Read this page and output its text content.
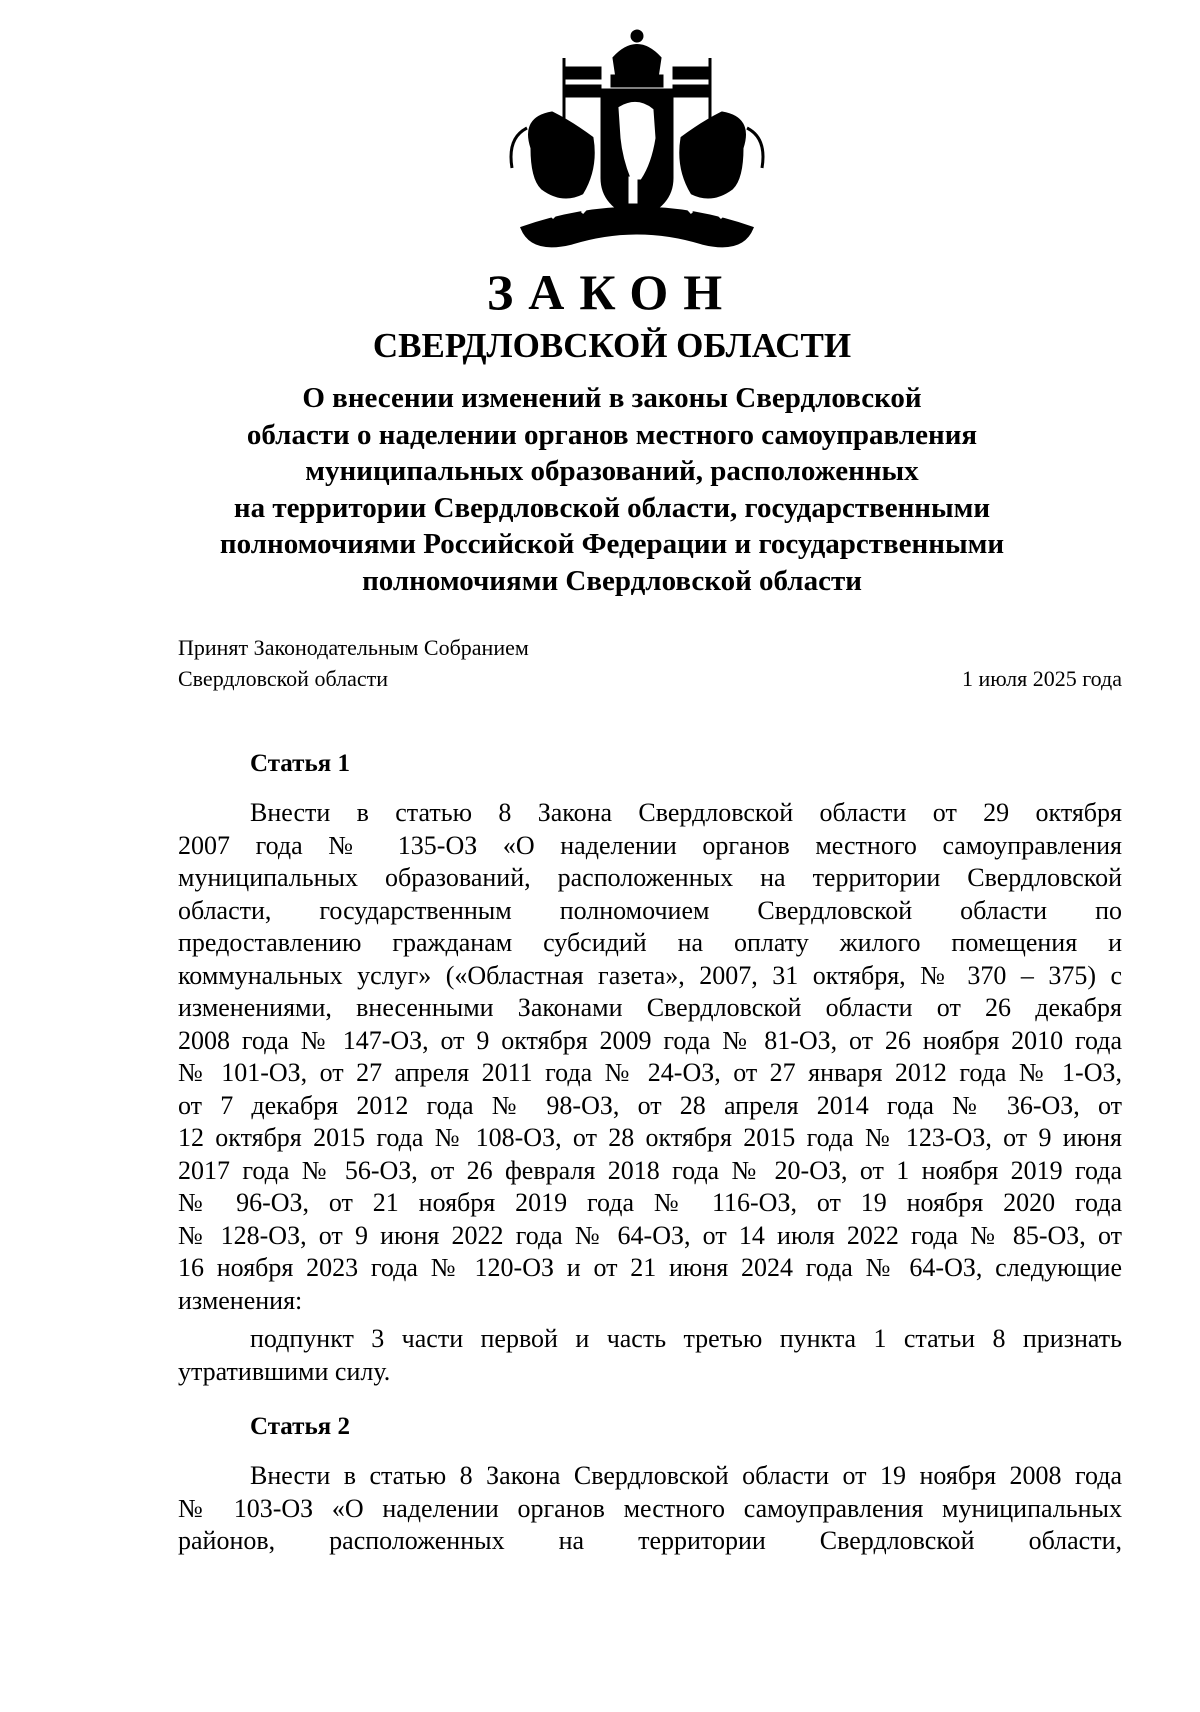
ЗАКОН
СВЕРДЛОВСКОЙ ОБЛАСТИ
О внесении изменений в законы Свердловской
области о наделении органов местного самоуправления
муниципальных образований, расположенных
на территории Свердловской области, государственными
полномочиями Российской Федерации и государственными
полномочиями Свердловской области
Принят Законодательным Собранием
Свердловской области	1 июля 2025 года
Статья 1
Внести в статью 8 Закона Свердловской области от 29 октября
2007 года № 135-ОЗ «О наделении органов местного самоуправления
муниципальных образований, расположенных на территории Свердловской
области, государственным полномочием Свердловской области по
предоставлению гражданам субсидий на оплату жилого помещения и
коммунальных услуг» («Областная газета», 2007, 31 октября, № 370 – 375) с
изменениями, внесенными Законами Свердловской области от 26 декабря
2008 года № 147-ОЗ, от 9 октября 2009 года № 81-ОЗ, от 26 ноября 2010 года
№ 101-ОЗ, от 27 апреля 2011 года № 24-ОЗ, от 27 января 2012 года № 1-ОЗ,
от 7 декабря 2012 года № 98-ОЗ, от 28 апреля 2014 года № 36-ОЗ, от
12 октября 2015 года № 108-ОЗ, от 28 октября 2015 года № 123-ОЗ, от 9 июня
2017 года № 56-ОЗ, от 26 февраля 2018 года № 20-ОЗ, от 1 ноября 2019 года
№ 96-ОЗ, от 21 ноября 2019 года № 116-ОЗ, от 19 ноября 2020 года
№ 128-ОЗ, от 9 июня 2022 года № 64-ОЗ, от 14 июля 2022 года № 85-ОЗ, от
16 ноября 2023 года № 120-ОЗ и от 21 июня 2024 года № 64-ОЗ, следующие
изменения:
подпункт 3 части первой и часть третью пункта 1 статьи 8 признать
утратившими силу.
Статья 2
Внести в статью 8 Закона Свердловской области от 19 ноября 2008 года
№ 103-ОЗ «О наделении органов местного самоуправления муниципальных
районов, расположенных на территории Свердловской области,
